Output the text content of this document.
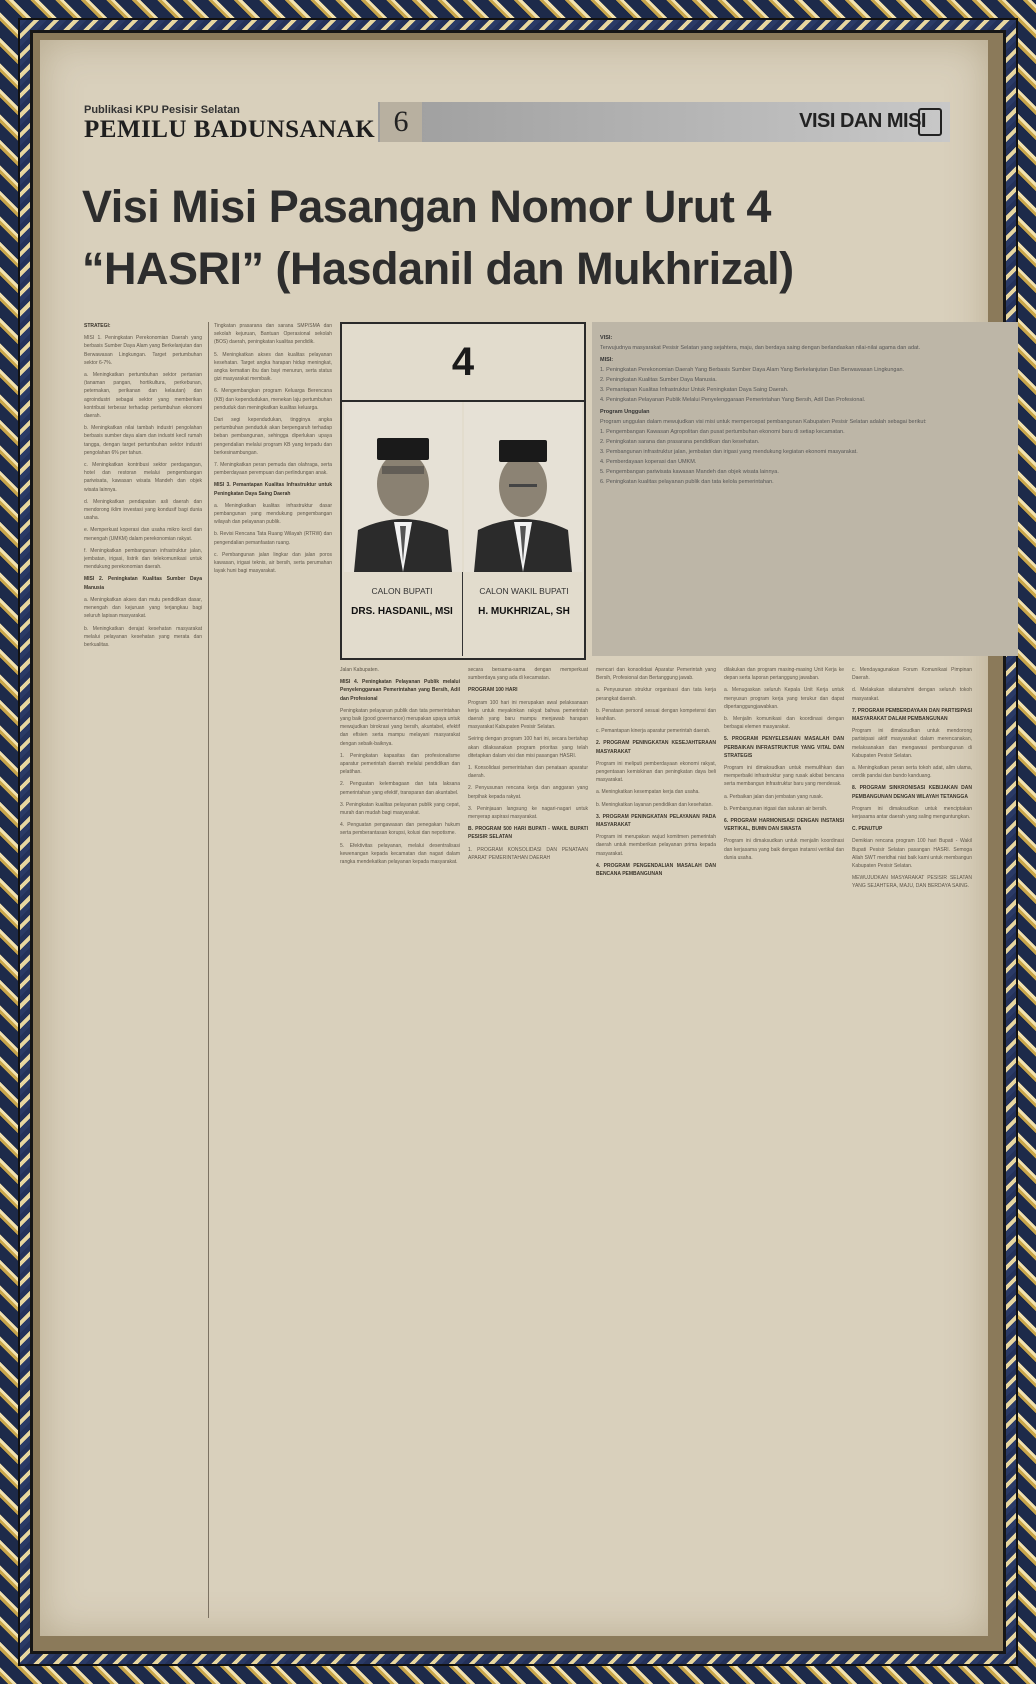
Publikasi KPU Pesisir Selatan
PEMILU BADUNSANAK 6	VISI DAN MISI
Visi Misi Pasangan Nomor Urut 4
“HASRI” (Hasdanil dan Mukhrizal)

STRATEGI:

MISI 1. Peningkatan Perekonomian Daerah yang berbasis Sumber Daya Alam yang Berkelanjutan dan Berwawasan Lingkungan. Target pertumbuhan sektor 6-7%.

a. Meningkatkan pertumbuhan sektor pertanian (tanaman pangan, hortikultura, perkebunan, peternakan, perikanan dan kelautan) dan agroindustri sebagai sektor yang memberikan kontribusi terbesar terhadap pertumbuhan ekonomi daerah.

b. Meningkatkan nilai tambah industri pengolahan berbasis sumber daya alam dan industri kecil rumah tangga, dengan target pertumbuhan sektor industri pengolahan 6% per tahun.

c. Meningkatkan kontribusi sektor perdagangan, hotel dan restoran melalui pengembangan pariwisata, kawasan wisata Mandeh dan objek wisata lainnya.

d. Meningkatkan pendapatan asli daerah dan mendorong iklim investasi yang kondusif bagi dunia usaha.

e. Memperkuat koperasi dan usaha mikro kecil dan menengah (UMKM) dalam perekonomian rakyat.

f. Meningkatkan pembangunan infrastruktur jalan, jembatan, irigasi, listrik dan telekomunikasi untuk mendukung perekonomian daerah.

MISI 2. Peningkatan Kualitas Sumber Daya Manusia

a. Meningkatkan akses dan mutu pendidikan dasar, menengah dan kejuruan yang terjangkau bagi seluruh lapisan masyarakat.

b. Meningkatkan derajat kesehatan masyarakat melalui pelayanan kesehatan yang merata dan berkualitas.

Tingkatan prasarana dan sarana SMP/SMA dan sekolah kejuruan, Bantuan Operasional sekolah (BOS) daerah, peningkatan kualitas pendidik.

5. Meningkatkan akses dan kualitas pelayanan kesehatan. Target angka harapan hidup meningkat, angka kematian ibu dan bayi menurun, serta status gizi masyarakat membaik.

6. Mengembangkan program Keluarga Berencana (KB) dan kependudukan, menekan laju pertumbuhan penduduk dan meningkatkan kualitas keluarga.

Dari segi kependudukan, tingginya angka pertumbuhan penduduk akan berpengaruh terhadap beban pembangunan, sehingga diperlukan upaya pengendalian melalui program KB yang terpadu dan berkesinambungan.

7. Meningkatkan peran pemuda dan olahraga, serta pemberdayaan perempuan dan perlindungan anak.

MISI 3. Pemantapan Kualitas Infrastruktur untuk Peningkatan Daya Saing Daerah

a. Meningkatkan kualitas infrastruktur dasar pembangunan yang mendukung pengembangan wilayah dan pelayanan publik.

b. Revisi Rencana Tata Ruang Wilayah (RTRW) dan pengendalian pemanfaatan ruang.

c. Pembangunan jalan lingkar dan jalan poros kawasan, irigasi teknis, air bersih, serta perumahan layak huni bagi masyarakat.

4
CALON BUPATI
DRS. HASDANIL, MSI
CALON WAKIL BUPATI
H. MUKHRIZAL, SH

VISI:

Terwujudnya masyarakat Pesisir Selatan yang sejahtera, maju, dan berdaya saing dengan berlandaskan nilai-nilai agama dan adat.

MISI:

1. Peningkatan Perekonomian Daerah Yang Berbasis Sumber Daya Alam Yang Berkelanjutan Dan Berwawasan Lingkungan.

2. Peningkatan Kualitas Sumber Daya Manusia.

3. Pemantapan Kualitas Infrastruktur Untuk Peningkatan Daya Saing Daerah.

4. Peningkatan Pelayanan Publik Melalui Penyelenggaraan Pemerintahan Yang Bersih, Adil Dan Profesional.

Program Unggulan

Program unggulan dalam mewujudkan visi misi untuk mempercepat pembangunan Kabupaten Pesisir Selatan adalah sebagai berikut:

1. Pengembangan Kawasan Agropolitan dan pusat pertumbuhan ekonomi baru di setiap kecamatan.

2. Peningkatan sarana dan prasarana pendidikan dan kesehatan.

3. Pembangunan infrastruktur jalan, jembatan dan irigasi yang mendukung kegiatan ekonomi masyarakat.

4. Pemberdayaan koperasi dan UMKM.

5. Pengembangan pariwisata kawasan Mandeh dan objek wisata lainnya.

6. Peningkatan kualitas pelayanan publik dan tata kelola pemerintahan.

Jalan Kabupaten.

MISI 4. Peningkatan Pelayanan Publik melalui Penyelenggaraan Pemerintahan yang Bersih, Adil dan Profesional

Peningkatan pelayanan publik dan tata pemerintahan yang baik (good governance) merupakan upaya untuk mewujudkan birokrasi yang bersih, akuntabel, efektif dan efisien serta mampu melayani masyarakat dengan sebaik-baiknya.

1. Peningkatan kapasitas dan profesionalisme aparatur pemerintah daerah melalui pendidikan dan pelatihan.

2. Penguatan kelembagaan dan tata laksana pemerintahan yang efektif, transparan dan akuntabel.

3. Peningkatan kualitas pelayanan publik yang cepat, murah dan mudah bagi masyarakat.

4. Penguatan pengawasan dan penegakan hukum serta pemberantasan korupsi, kolusi dan nepotisme.

5. Efektivitas pelayanan, melalui desentralisasi kewenangan kepada kecamatan dan nagari dalam rangka mendekatkan pelayanan kepada masyarakat.

secara bersama-sama dengan memperkuat sumberdaya yang ada di kecamatan.

PROGRAM 100 HARI

Program 100 hari ini merupakan awal pelaksanaan kerja untuk meyakinkan rakyat bahwa pemerintah daerah yang baru mampu menjawab harapan masyarakat Kabupaten Pesisir Selatan.

Seiring dengan program 100 hari ini, secara bertahap akan dilaksanakan program prioritas yang telah ditetapkan dalam visi dan misi pasangan HASRI.

1. Konsolidasi pemerintahan dan penataan aparatur daerah.

2. Penyusunan rencana kerja dan anggaran yang berpihak kepada rakyat.

3. Peninjauan langsung ke nagari-nagari untuk menyerap aspirasi masyarakat.

B. PROGRAM 500 HARI BUPATI - WAKIL BUPATI PESISIR SELATAN

1. PROGRAM KONSOLIDASI DAN PENATAAN APARAT PEMERINTAHAN DAERAH

mencari dan konsolidasi Aparatur Pemerintah yang Bersih, Profesional dan Bertanggung jawab.

a. Penyusunan struktur organisasi dan tata kerja perangkat daerah.

b. Penataan personil sesuai dengan kompetensi dan keahlian.

c. Pemantapan kinerja aparatur pemerintah daerah.

2. PROGRAM PENINGKATAN KESEJAHTERAAN MASYARAKAT

Program ini meliputi pemberdayaan ekonomi rakyat, pengentasan kemiskinan dan peningkatan daya beli masyarakat.

a. Meningkatkan kesempatan kerja dan usaha.

b. Meningkatkan layanan pendidikan dan kesehatan.

3. PROGRAM PENINGKATAN PELAYANAN PADA MASYARAKAT

Program ini merupakan wujud komitmen pemerintah daerah untuk memberikan pelayanan prima kepada masyarakat.

4. PROGRAM PENGENDALIAN MASALAH DAN BENCANA PEMBANGUNAN

dilakukan dan program masing-masing Unit Kerja ke depan serta laporan pertanggung jawaban.

a. Menugaskan seluruh Kepala Unit Kerja untuk menyusun program kerja yang terukur dan dapat dipertanggungjawabkan.

b. Menjalin komunikasi dan koordinasi dengan berbagai elemen masyarakat.

5. PROGRAM PENYELESAIAN MASALAH DAN PERBAIKAN INFRASTRUKTUR YANG VITAL DAN STRATEGIS

Program ini dimaksudkan untuk memulihkan dan memperbaiki infrastruktur yang rusak akibat bencana serta membangun infrastruktur baru yang mendesak.

a. Perbaikan jalan dan jembatan yang rusak.

b. Pembangunan irigasi dan saluran air bersih.

6. PROGRAM HARMONISASI DENGAN INSTANSI VERTIKAL, BUMN DAN SWASTA

Program ini dimaksudkan untuk menjalin koordinasi dan kerjasama yang baik dengan instansi vertikal dan dunia usaha.

c. Mendayagunakan Forum Komunikasi Pimpinan Daerah.

d. Melakukan silaturrahmi dengan seluruh tokoh masyarakat.

7. PROGRAM PEMBERDAYAAN DAN PARTISIPASI MASYARAKAT DALAM PEMBANGUNAN

Program ini dimaksudkan untuk mendorong partisipasi aktif masyarakat dalam merencanakan, melaksanakan dan mengawasi pembangunan di Kabupaten Pesisir Selatan.

a. Meningkatkan peran serta tokoh adat, alim ulama, cerdik pandai dan bundo kanduang.

8. PROGRAM SINKRONISASI KEBIJAKAN DAN PEMBANGUNAN DENGAN WILAYAH TETANGGA

Program ini dimaksudkan untuk menciptakan kerjasama antar daerah yang saling menguntungkan.

C. PENUTUP

Demikian rencana program 100 hari Bupati - Wakil Bupati Pesisir Selatan pasangan HASRI. Semoga Allah SWT meridhai niat baik kami untuk membangun Kabupaten Pesisir Selatan.

MEWUJUDKAN MASYARAKAT PESISIR SELATAN YANG SEJAHTERA, MAJU, DAN BERDAYA SAING.
